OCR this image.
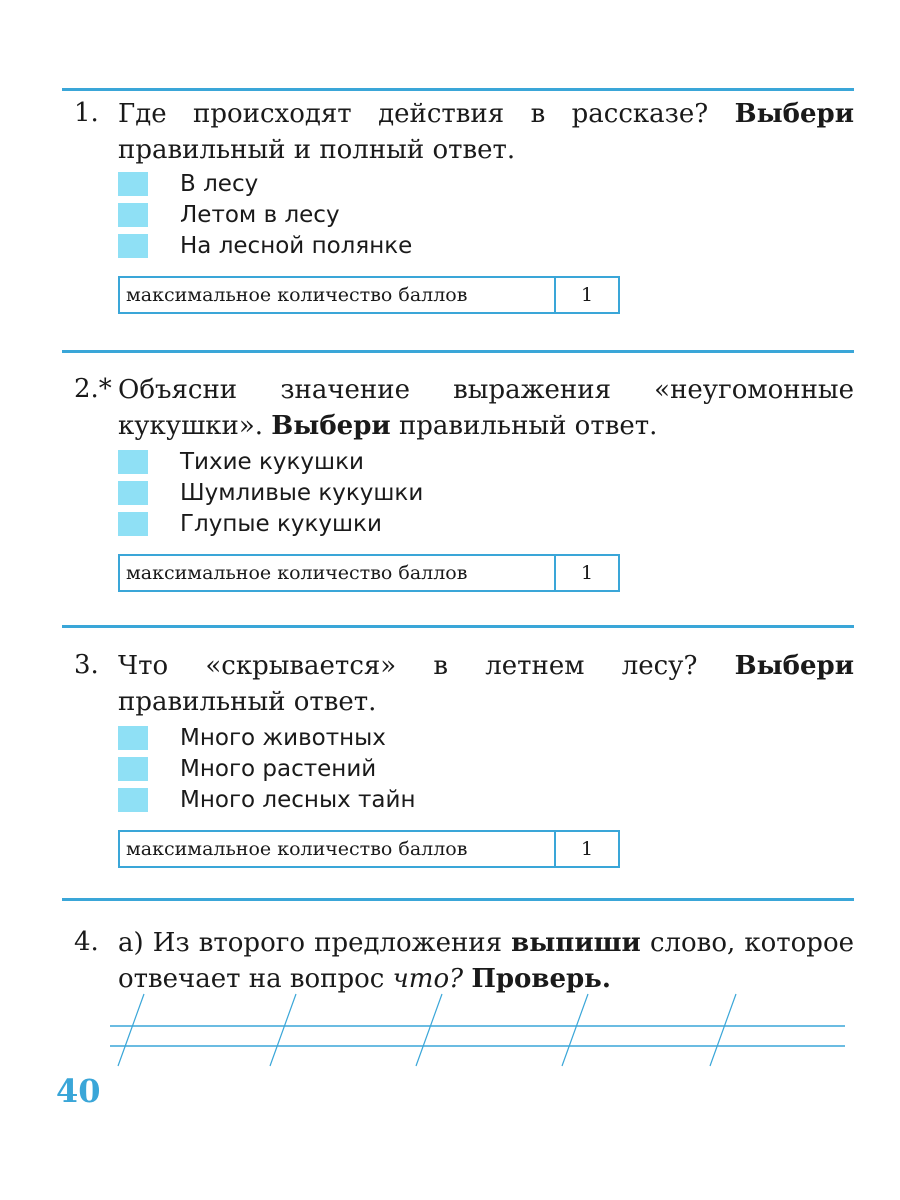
1. Где происходят действия в рассказе? Выбери правильный и полный ответ.
В лесу
Летом в лесу
На лесной полянке
максимальное количество баллов	1
2.* Объясни значение выражения «неугомонные кукушки». Выбери правильный ответ.
Тихие кукушки
Шумливые кукушки
Глупые кукушки
максимальное количество баллов	1
3. Что «скрывается» в летнем лесу? Выбери правильный ответ.
Много животных
Много растений
Много лесных тайн
максимальное количество баллов	1
4. а) Из второго предложения выпиши слово, которое отвечает на вопрос что? Проверь.
40
